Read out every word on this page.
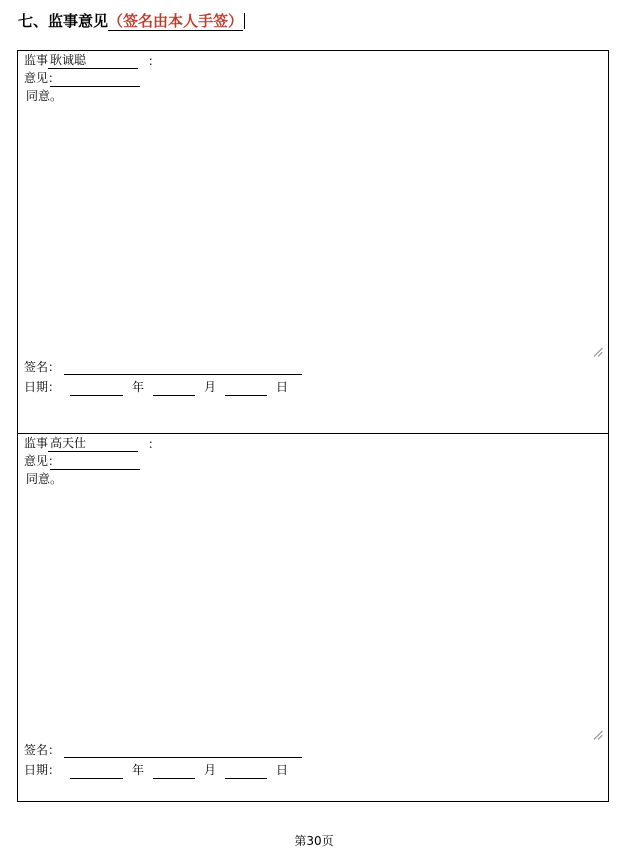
七、监事意见（签名由本人手签）
监事 耿诚聪	：
意见：
同意。
签名：
日期：	年	月	日
监事 高天仕	：
意见：
同意。
签名：
日期：	年	月	日
第30页
